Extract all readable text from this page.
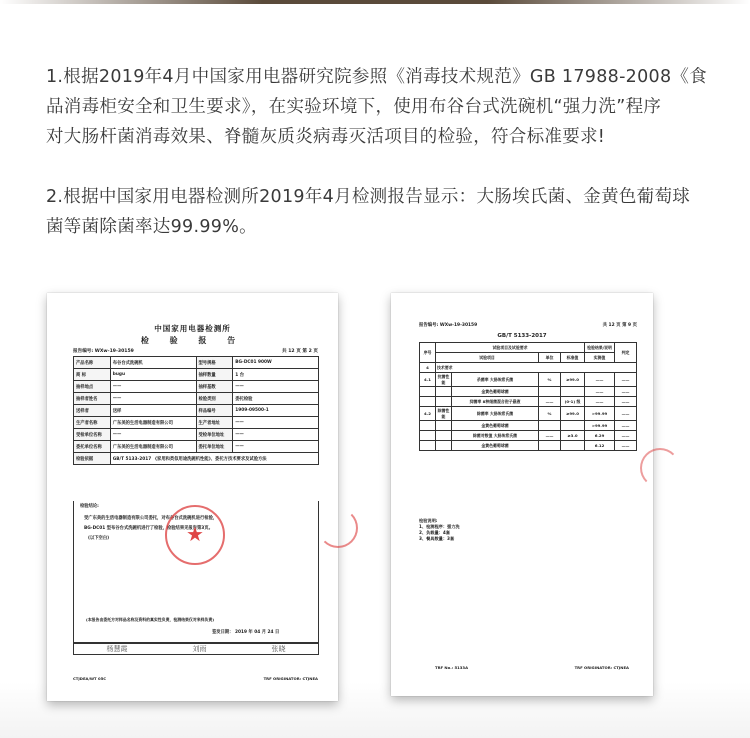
1.根据2019年4月中国家用电器研究院参照《消毒技术规范》GB 17988-2008《食
品消毒柜安全和卫生要求》，在实验环境下，使用布谷台式洗碗机“强力洗”程序
对大肠杆菌消毒效果、脊髓灰质炎病毒灭活项目的检验，符合标准要求!
2.根据中国家用电器检测所2019年4月检测报告显示：大肠埃氏菌、金黄色葡萄球
菌等菌除菌率达99.99%。
中国家用电器检测所
检 验 报 告
报告编号: WXw-19-30159	共 12 页 第 2 页
产品名称	布谷台式洗碗机	型号规格	BG-DC01 900W
商 标	bugu	抽样数量	1 台
抽样地点	——	抽样基数	——
抽样者姓名	——	检验类别	委托检验
送样者	送样	样品编号	1909-09500-1
生产者名称	广东美的生活电器制造有限公司	生产者地址	——
受检单位名称	——	受检单位地址	——
委托单位名称	广东美的生活电器制造有限公司	委托单位地址	——
检验依据	GB/T 5133-2017 《家用和类似用途洗碗机性能》、委托方技术要求及试验方法		
检验结论:
受广东美的生活电器制造有限公司委托，对布谷台式洗碗机进行检验，
BG-DC01 型布谷台式洗碗机进行了检验，检验结果见报告第3页。
(以下空白)
(本报告由委托方对样品名称及资料的真实性负责，检测结果仅对来样负责)
签发日期： 2019 年 04 月 24 日
★
杨慧霞	刘雨	张晓
CTJDEA/WT 05C	TRF ORIGINATOR: CTJNEA
报告编号: WXw-19-30159	共 12 页 第 9 页
GB/T 5133-2017
序号	试验项目及试验要求				检验结果/说明	判定
	试验项目		单位	标准值	实测值	
4	技术要求					
4.1	抗菌性能	杀菌率 大肠埃希氏菌	%	≥99.0	——	——
		金黄色葡萄球菌			——	——
		抑菌率 8种细菌混合孢子悬液	——	(0-1) 级	——	——
4.2	除菌性能	除菌率 大肠埃希氏菌	%	≥99.0	>99.99	——
		金黄色葡萄球菌			>99.99	——
		除菌对数值 大肠埃希氏菌	——	≥3.0	6.29	——
		金黄色葡萄球菌			6.12	——
检验说明:
1、检测程序：强力洗
2、负载量：4套
3、餐具数量：3套
TRF No.: 5133A	TRF ORIGINATOR: CTJNEA
